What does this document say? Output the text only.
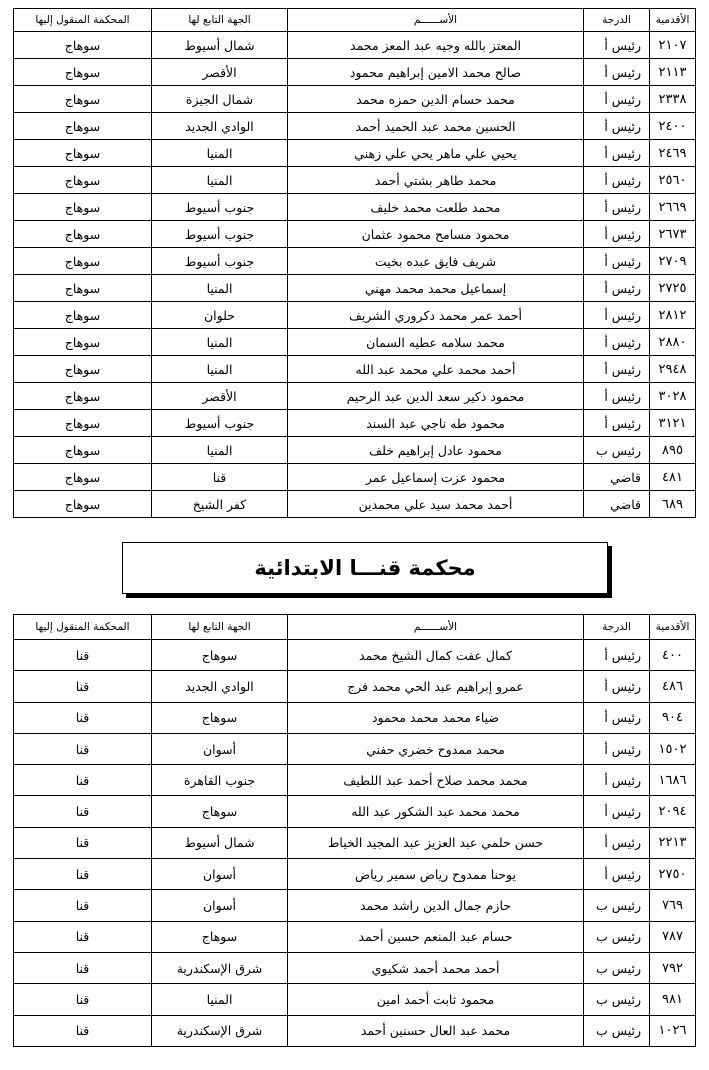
الأقدمية	الدرجة	الأســــــم	الجهة التابع لها	المحكمة المنقول إليها
٢١٠٧	رئيس أ	المعتز بالله وجيه عبد المعز محمد	شمال أسيوط	سوهاج
٢١١٣	رئيس أ	صالح محمد الامين إبراهيم محمود	الأقصر	سوهاج
٢٣٣٨	رئيس أ	محمد حسام الدين حمزه محمد	شمال الجيزة	سوهاج
٢٤٠٠	رئيس أ	الحسين محمد عبد الحميد أحمد	الوادي الجديد	سوهاج
٢٤٦٩	رئيس أ	يحيي علي ماهر يحي علي زهني	المنيا	سوهاج
٢٥٦٠	رئيس أ	محمد طاهر بشتي أحمد	المنيا	سوهاج
٢٦٦٩	رئيس أ	محمد طلعت محمد خليف	جنوب أسيوط	سوهاج
٢٦٧٣	رئيس أ	محمود مسامح محمود عثمان	جنوب أسيوط	سوهاج
٢٧٠٩	رئيس أ	شريف فايق عبده بخيت	جنوب أسيوط	سوهاج
٢٧٢٥	رئيس أ	إسماعيل محمد محمد مهني	المنيا	سوهاج
٢٨١٢	رئيس أ	أحمد عمر محمد دكروري الشريف	حلوان	سوهاج
٢٨٨٠	رئيس أ	محمد سلامه عطيه السمان	المنيا	سوهاج
٢٩٤٨	رئيس أ	أحمد محمد علي محمد عبد الله	المنيا	سوهاج
٣٠٢٨	رئيس أ	محمود ذكير سعد الدين عبد الرحيم	الأقصر	سوهاج
٣١٢١	رئيس أ	محمود طه ناجي عبد السند	جنوب أسيوط	سوهاج
٨٩٥	رئيس ب	محمود عادل إبراهيم خلف	المنيا	سوهاج
٤٨١	قاضي	محمود عزت إسماعيل عمر	قنا	سوهاج
٦٨٩	قاضي	أحمد محمد سيد علي محمدين	كفر الشيخ	سوهاج
محكمة قنـــا الابتدائية
الأقدمية	الدرجة	الأســــــم	الجهة التابع لها	المحكمة المنقول إليها
٤٠٠	رئيس أ	كمال عفت كمال الشيخ محمد	سوهاج	قنا
٤٨٦	رئيس أ	عمرو إبراهيم عبد الحي محمد فرج	الوادي الجديد	قنا
٩٠٤	رئيس أ	ضياء محمد محمد محمود	سوهاج	قنا
١٥٠٢	رئيس أ	محمد ممدوح خضري حفني	أسوان	قنا
١٦٨٦	رئيس أ	محمد محمد صلاح أحمد عبد اللطيف	جنوب القاهرة	قنا
٢٠٩٤	رئيس أ	محمد محمد عبد الشكور عبد الله	سوهاج	قنا
٢٢١٣	رئيس أ	حسن حلمي عبد العزيز عبد المجيد الخياط	شمال أسيوط	قنا
٢٧٥٠	رئيس أ	يوحنا ممدوح رياض سمير رياض	أسوان	قنا
٧٦٩	رئيس ب	حازم جمال الدين راشد محمد	أسوان	قنا
٧٨٧	رئيس ب	حسام عبد المنعم حسين أحمد	سوهاج	قنا
٧٩٢	رئيس ب	أحمد محمد أحمد شكيوي	شرق الإسكندرية	قنا
٩٨١	رئيس ب	محمود ثابت أحمد امين	المنيا	قنا
١٠٢٦	رئيس ب	محمد عبد العال حسنين أحمد	شرق الإسكندرية	قنا
